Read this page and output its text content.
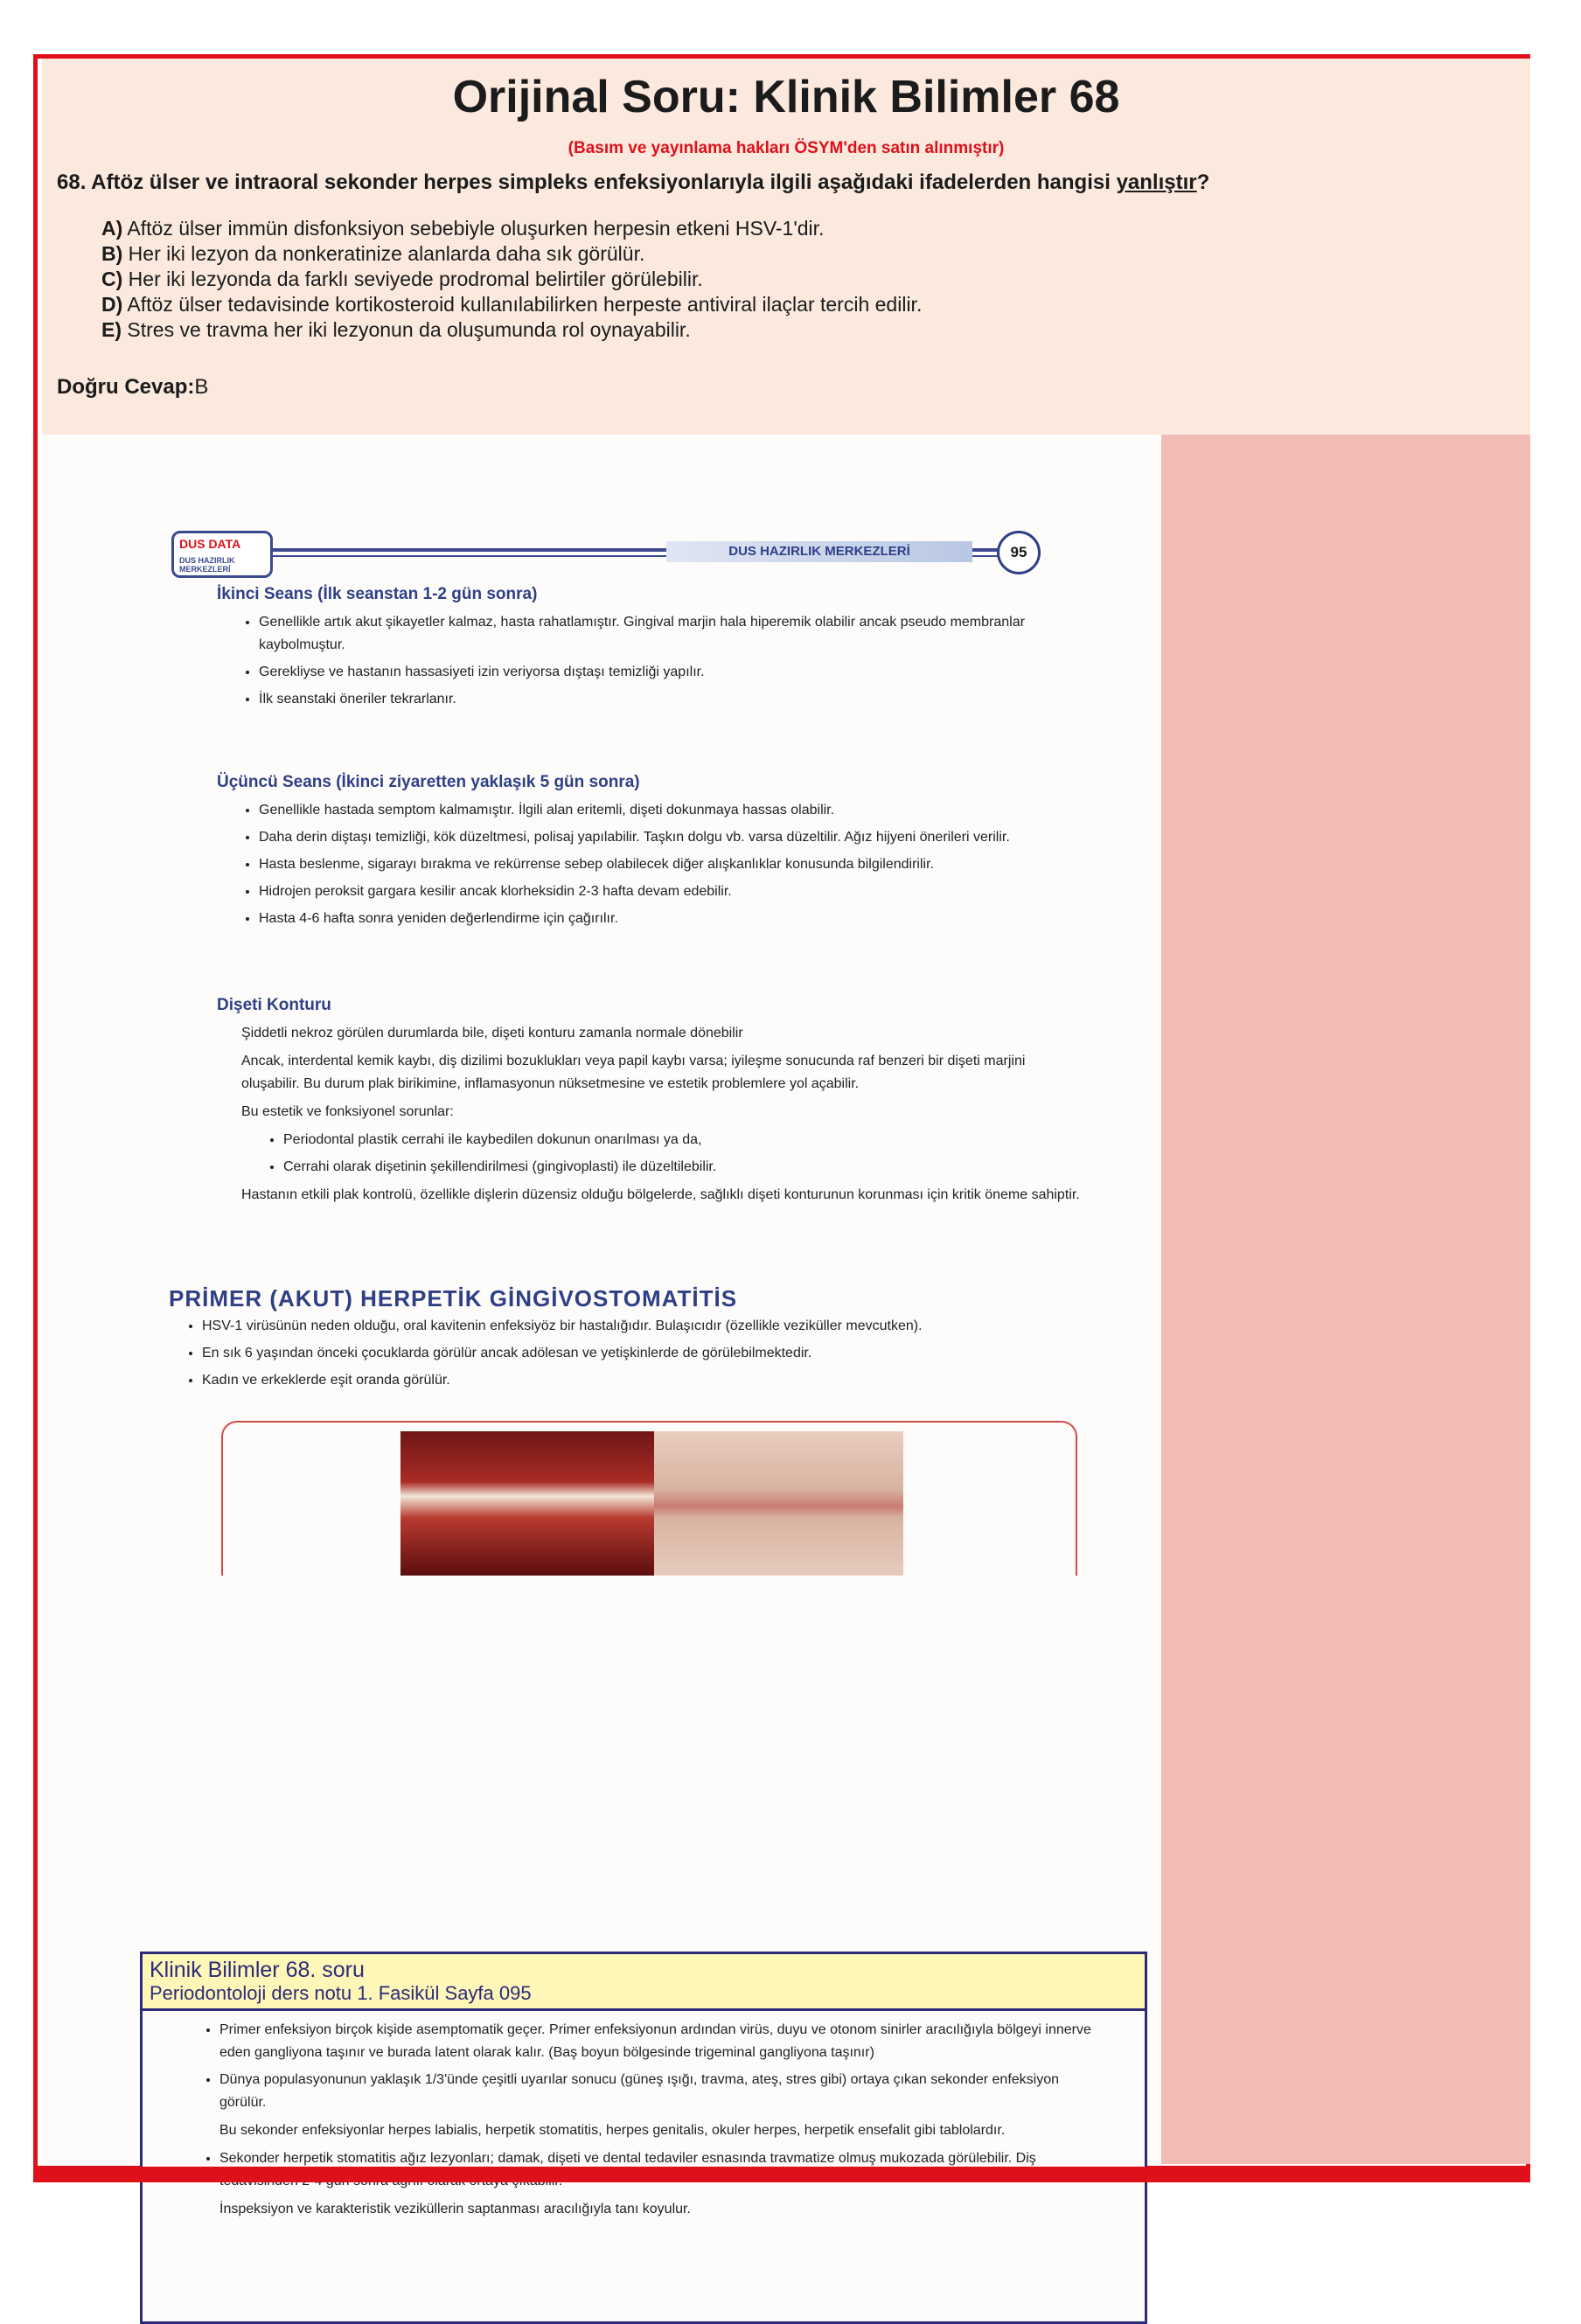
Orijinal Soru: Klinik Bilimler 68
(Basım ve yayınlama hakları ÖSYM'den satın alınmıştır)
68. Aftöz ülser ve intraoral sekonder herpes simpleks enfeksiyonlarıyla ilgili aşağıdaki ifadelerden hangisi yanlıştır?
A) Aftöz ülser immün disfonksiyon sebebiyle oluşurken herpesin etkeni HSV-1'dir.
B) Her iki lezyon da nonkeratinize alanlarda daha sık görülür.
C) Her iki lezyonda da farklı seviyede prodromal belirtiler görülebilir.
D) Aftöz ülser tedavisinde kortikosteroid kullanılabilirken herpeste antiviral ilaçlar tercih edilir.
E) Stres ve travma her iki lezyonun da oluşumunda rol oynayabilir.
Doğru Cevap:B
DUS DATA
DUS HAZIRLIK MERKEZLERİ
DUS HAZIRLIK MERKEZLERİ	95
İkinci Seans (İlk seanstan 1-2 gün sonra)
• Genellikle artık akut şikayetler kalmaz, hasta rahatlamıştır. Gingival marjin hala hiperemik olabilir ancak pseudo membranlar kaybolmuştur.
• Gerekliyse ve hastanın hassasiyeti izin veriyorsa dıştaşı temizliği yapılır.
• İlk seanstaki öneriler tekrarlanır.
Üçüncü Seans (İkinci ziyaretten yaklaşık 5 gün sonra)
• Genellikle hastada semptom kalmamıştır. İlgili alan eritemli, dişeti dokunmaya hassas olabilir.
• Daha derin diştaşı temizliği, kök düzeltmesi, polisaj yapılabilir. Taşkın dolgu vb. varsa düzeltilir. Ağız hijyeni önerileri verilir.
• Hasta beslenme, sigarayı bırakma ve rekürrense sebep olabilecek diğer alışkanlıklar konusunda bilgilendirilir.
• Hidrojen peroksit gargara kesilir ancak klorheksidin 2-3 hafta devam edebilir.
• Hasta 4-6 hafta sonra yeniden değerlendirme için çağırılır.
Dişeti Konturu
Şiddetli nekroz görülen durumlarda bile, dişeti konturu zamanla normale dönebilir
Ancak, interdental kemik kaybı, diş dizilimi bozuklukları veya papil kaybı varsa; iyileşme sonucunda raf benzeri bir dişeti marjini oluşabilir. Bu durum plak birikimine, inflamasyonun nüksetmesine ve estetik problemlere yol açabilir.
Bu estetik ve fonksiyonel sorunlar:
• Periodontal plastik cerrahi ile kaybedilen dokunun onarılması ya da,
• Cerrahi olarak dişetinin şekillendirilmesi (gingivoplasti) ile düzeltilebilir.
Hastanın etkili plak kontrolü, özellikle dişlerin düzensiz olduğu bölgelerde, sağlıklı dişeti konturunun korunması için kritik öneme sahiptir.
PRİMER (AKUT) HERPETİK GİNGİVOSTOMATİTİS
• HSV-1 virüsünün neden olduğu, oral kavitenin enfeksiyöz bir hastalığıdır. Bulaşıcıdır (özellikle veziküller mevcutken).
• En sık 6 yaşından önceki çocuklarda görülür ancak adölesan ve yetişkinlerde de görülebilmektedir.
• Kadın ve erkeklerde eşit oranda görülür.
Klinik Bilimler 68. soru
Periodontoloji ders notu 1. Fasikül Sayfa 095
• Primer enfeksiyon birçok kişide asemptomatik geçer. Primer enfeksiyonun ardından virüs, duyu ve otonom sinirler aracılığıyla bölgeyi innerve eden gangliyona taşınır ve burada latent olarak kalır. (Baş boyun bölgesinde trigeminal gangliyona taşınır)
• Dünya populasyonunun yaklaşık 1/3'ünde çeşitli uyarılar sonucu (güneş ışığı, travma, ateş, stres gibi) ortaya çıkan sekonder enfeksiyon görülür.
Bu sekonder enfeksiyonlar herpes labialis, herpetik stomatitis, herpes genitalis, okuler herpes, herpetik ensefalit gibi tablolardır.
• Sekonder herpetik stomatitis ağız lezyonları; damak, dişeti ve dental tedaviler esnasında travmatize olmuş mukozada görülebilir. Diş
İnspeksiyon ve karakteristik veziküllerin saptanması aracılığıyla tanı koyulur.
